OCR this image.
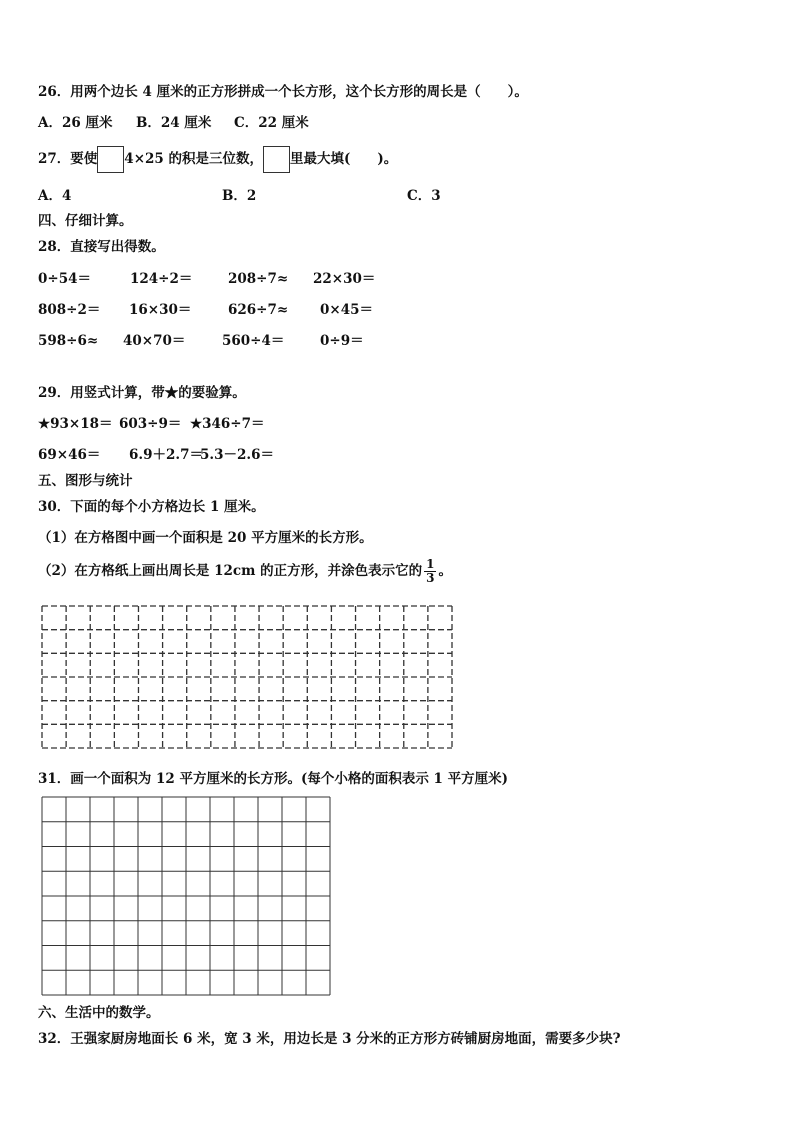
26．用两个边长 4 厘米的正方形拼成一个长方形，这个长方形的周长是（　　）。
A．26 厘米 B．24 厘米 C．22 厘米
27．要使 4×25 的积是三位数， 里最大填(　　)。
A．4	B．2	C．3
四、仔细计算。
28．直接写出得数。
0÷54＝	124÷2＝	208÷7≈ 22×30＝
808÷2＝ 16×30＝	626÷7≈ 0×45＝
598÷6≈ 40×70＝	560÷4＝	0÷9＝
29．用竖式计算，带★的要验算。
★93×18＝ 603÷9＝ ★346÷7＝
69×46＝ 6.9＋2.7＝
5.3－2.6＝
五、图形与统计
30．下面的每个小方格边长 1 厘米。
（1）在方格图中画一个面积是 20 平方厘米的长方形。
（2）在方格纸上画出周长是 12cm 的正方形，并涂色表示它的 $\frac{1}{3}$ 。
31．画一个面积为 12 平方厘米的长方形。(每个小格的面积表示 1 平方厘米)
六、生活中的数学。
32．王强家厨房地面长 6 米，宽 3 米，用边长是 3 分米的正方形方砖铺厨房地面，需要多少块?
